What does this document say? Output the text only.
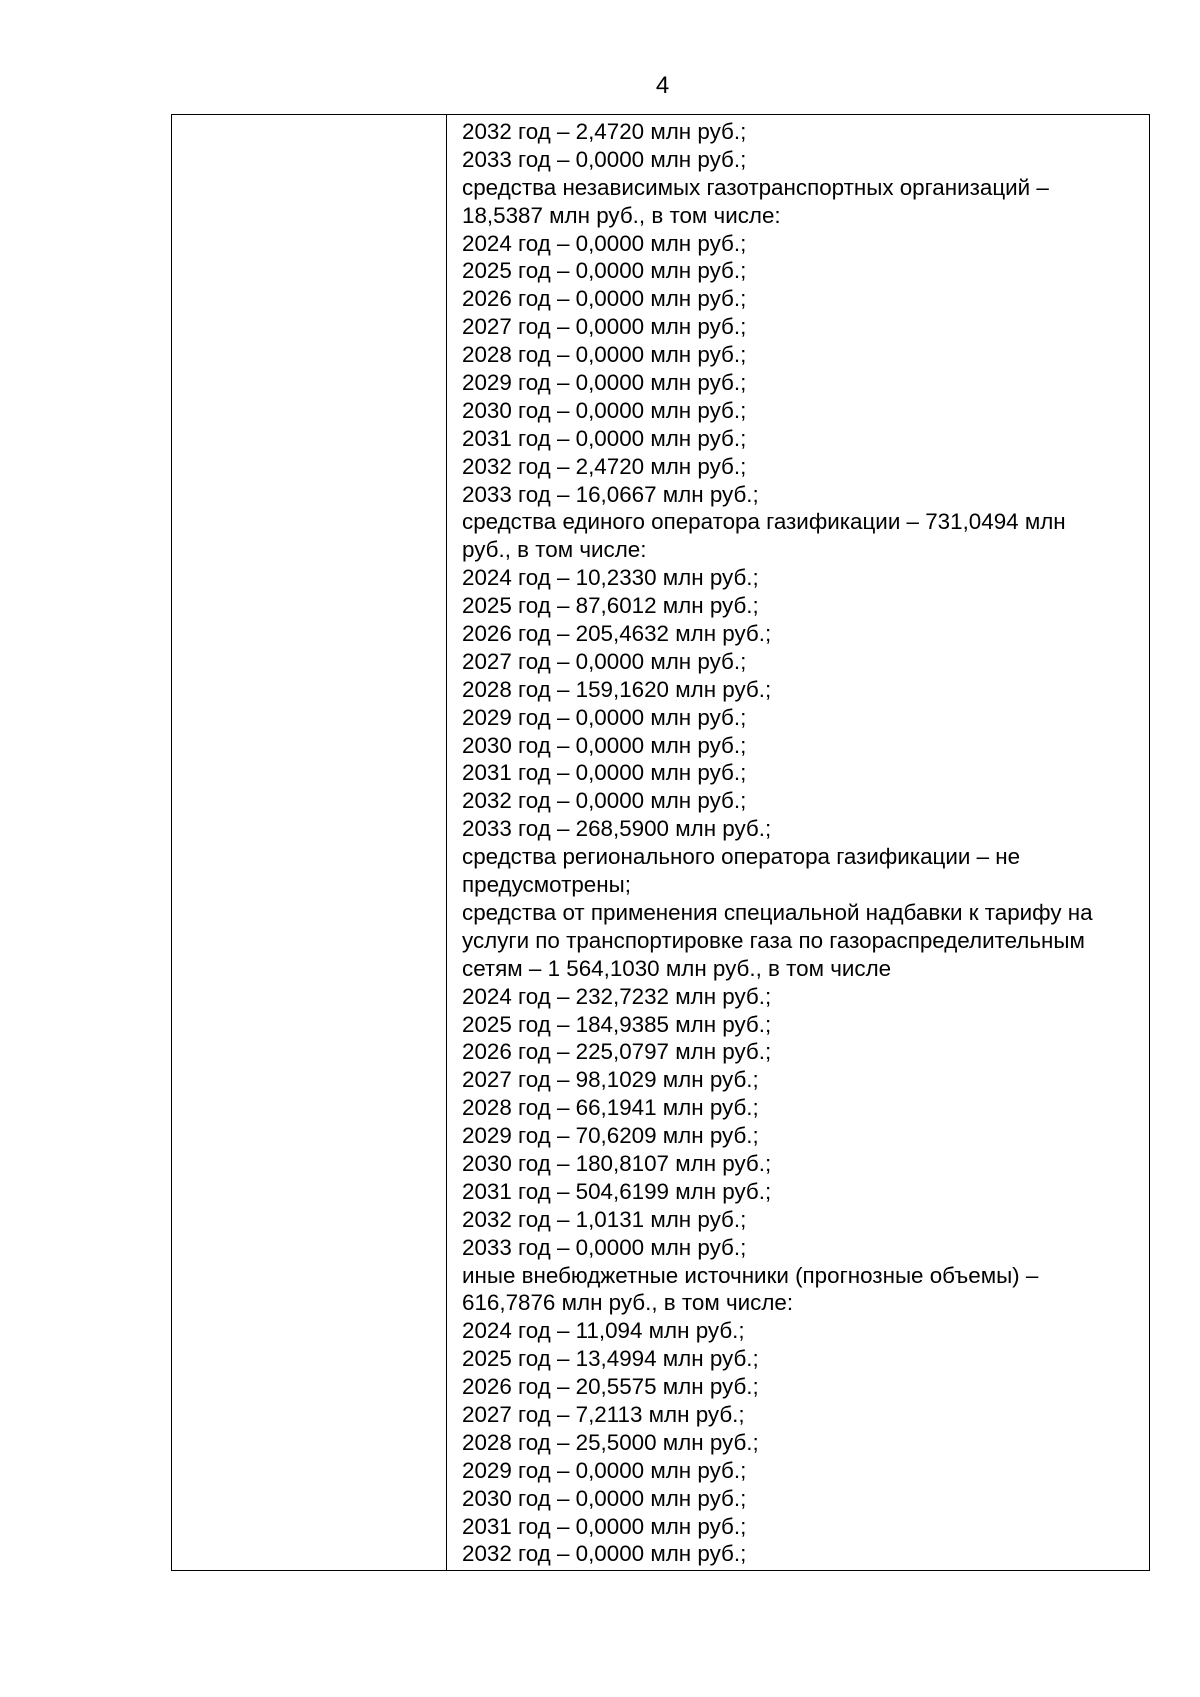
4
2032 год – 2,4720 млн руб.;
2033 год – 0,0000 млн руб.;
средства независимых газотранспортных организаций –
18,5387 млн руб., в том числе:
2024 год – 0,0000 млн руб.;
2025 год – 0,0000 млн руб.;
2026 год – 0,0000 млн руб.;
2027 год – 0,0000 млн руб.;
2028 год – 0,0000 млн руб.;
2029 год – 0,0000 млн руб.;
2030 год – 0,0000 млн руб.;
2031 год – 0,0000 млн руб.;
2032 год – 2,4720 млн руб.;
2033 год – 16,0667 млн руб.;
средства единого оператора газификации – 731,0494 млн
руб., в том числе:
2024 год – 10,2330 млн руб.;
2025 год – 87,6012 млн руб.;
2026 год – 205,4632 млн руб.;
2027 год – 0,0000 млн руб.;
2028 год – 159,1620 млн руб.;
2029 год – 0,0000 млн руб.;
2030 год – 0,0000 млн руб.;
2031 год – 0,0000 млн руб.;
2032 год – 0,0000 млн руб.;
2033 год – 268,5900 млн руб.;
средства регионального оператора газификации – не
предусмотрены;
средства от применения специальной надбавки к тарифу на
услуги по транспортировке газа по газораспределительным
сетям – 1 564,1030 млн руб., в том числе
2024 год – 232,7232 млн руб.;
2025 год – 184,9385 млн руб.;
2026 год – 225,0797 млн руб.;
2027 год – 98,1029 млн руб.;
2028 год – 66,1941 млн руб.;
2029 год – 70,6209 млн руб.;
2030 год – 180,8107 млн руб.;
2031 год – 504,6199 млн руб.;
2032 год – 1,0131 млн руб.;
2033 год – 0,0000 млн руб.;
иные внебюджетные источники (прогнозные объемы) –
616,7876 млн руб., в том числе:
2024 год – 11,094 млн руб.;
2025 год – 13,4994 млн руб.;
2026 год – 20,5575 млн руб.;
2027 год – 7,2113 млн руб.;
2028 год – 25,5000 млн руб.;
2029 год – 0,0000 млн руб.;
2030 год – 0,0000 млн руб.;
2031 год – 0,0000 млн руб.;
2032 год – 0,0000 млн руб.;
